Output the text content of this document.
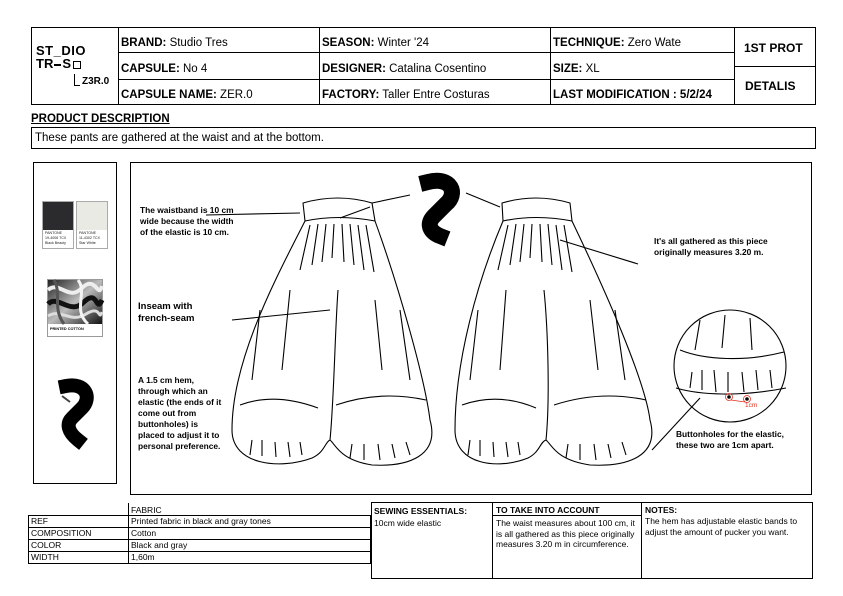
ST_DIO
TR S
Z3R.0
BRAND: Studio Tres
CAPSULE: No 4
CAPSULE NAME: ZER.0
SEASON: Winter '24
DESIGNER: Catalina Cosentino
FACTORY: Taller Entre Costuras
TECHNIQUE: Zero Wate
SIZE: XL
LAST MODIFICATION : 5/2/24
1ST PROT
DETALIS
PRODUCT DESCRIPTION
These pants are gathered at the waist and at the bottom.
PANTONE
19-4006 TCX
Black Beauty
PANTONE
11-4302 TCX
Star White
PRINTED COTTON
The waistband is 10 cm wide because the width of the elastic is 10 cm.
Inseam with french-seam
A 1.5 cm hem, through which an elastic (the ends of it come out from buttonholes) is placed to adjust it to personal preference.
It's all gathered as this piece originally measures 3.20 m.
Buttonholes for the elastic, these two are 1cm apart.
1cm
FABRIC
REF	Printed fabric in black and gray tones
COMPOSITION	Cotton
COLOR	Black and gray
WIDTH	1,60m
SEWING ESSENTIALS:
10cm wide elastic
TO TAKE INTO ACCOUNT
The waist measures about 100 cm, it is all gathered as this piece originally measures 3.20 m in circumference.
NOTES:
The hem has adjustable elastic bands to adjust the amount of pucker you want.
